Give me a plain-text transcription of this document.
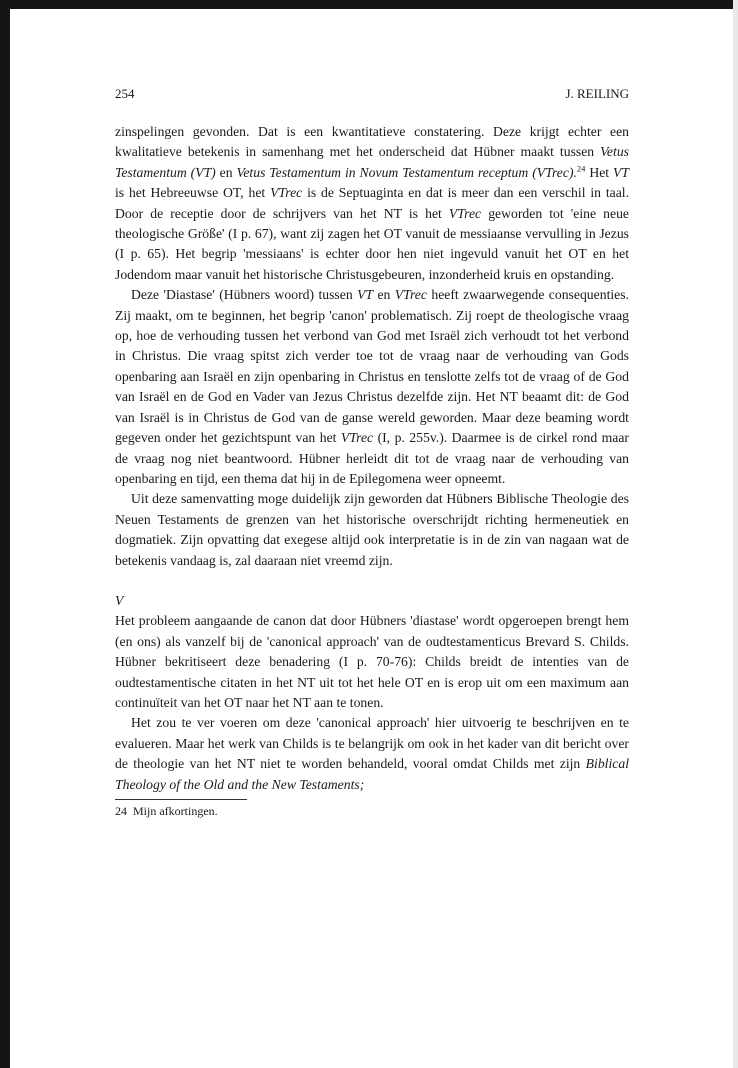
254	J. REILING

zinspelingen gevonden. Dat is een kwantitatieve constatering. Deze krijgt echter een kwalitatieve betekenis in samenhang met het onderscheid dat Hübner maakt tussen Vetus Testamentum (VT) en Vetus Testamentum in Novum Testamentum receptum (VTrec).$^{24}$ Het VT is het Hebreeuwse OT, het VTrec is de Septuaginta en dat is meer dan een verschil in taal. Door de receptie door de schrijvers van het NT is het VTrec geworden tot 'eine neue theologische Größe' (I p. 67), want zij zagen het OT vanuit de messiaanse vervulling in Jezus (I p. 65). Het begrip 'messiaans' is echter door hen niet ingevuld vanuit het OT en het Jodendom maar vanuit het historische Christusgebeuren, inzonderheid kruis en opstanding.

Deze 'Diastase' (Hübners woord) tussen VT en VTrec heeft zwaarwegende consequenties. Zij maakt, om te beginnen, het begrip 'canon' problematisch. Zij roept de theologische vraag op, hoe de verhouding tussen het verbond van God met Israël zich verhoudt tot het verbond in Christus. Die vraag spitst zich verder toe tot de vraag naar de verhouding van Gods openbaring aan Israël en zijn openbaring in Christus en tenslotte zelfs tot de vraag of de God van Israël en de God en Vader van Jezus Christus dezelfde zijn. Het NT beaamt dit: de God van Israël is in Christus de God van de ganse wereld geworden. Maar deze beaming wordt gegeven onder het gezichtspunt van het VTrec (I, p. 255v.). Daarmee is de cirkel rond maar de vraag nog niet beantwoord. Hübner herleidt dit tot de vraag naar de verhouding van openbaring en tijd, een thema dat hij in de Epilegomena weer opneemt.

Uit deze samenvatting moge duidelijk zijn geworden dat Hübners Biblische Theologie des Neuen Testaments de grenzen van het historische overschrijdt richting hermeneutiek en dogmatiek. Zijn opvatting dat exegese altijd ook interpretatie is in de zin van nagaan wat de betekenis vandaag is, zal daaraan niet vreemd zijn.

V

Het probleem aangaande de canon dat door Hübners 'diastase' wordt opgeroepen brengt hem (en ons) als vanzelf bij de 'canonical approach' van de oudtestamenticus Brevard S. Childs. Hübner bekritiseert deze benadering (I p. 70-76): Childs breidt de intenties van de oudtestamentische citaten in het NT uit tot het hele OT en is erop uit om een maximum aan continuïteit van het OT naar het NT aan te tonen.

Het zou te ver voeren om deze 'canonical approach' hier uitvoerig te beschrijven en te evalueren. Maar het werk van Childs is te belangrijk om ook in het kader van dit bericht over de theologie van het NT niet te worden behandeld, vooral omdat Childs met zijn Biblical Theology of the Old and the New Testaments;

24 Mijn afkortingen.
